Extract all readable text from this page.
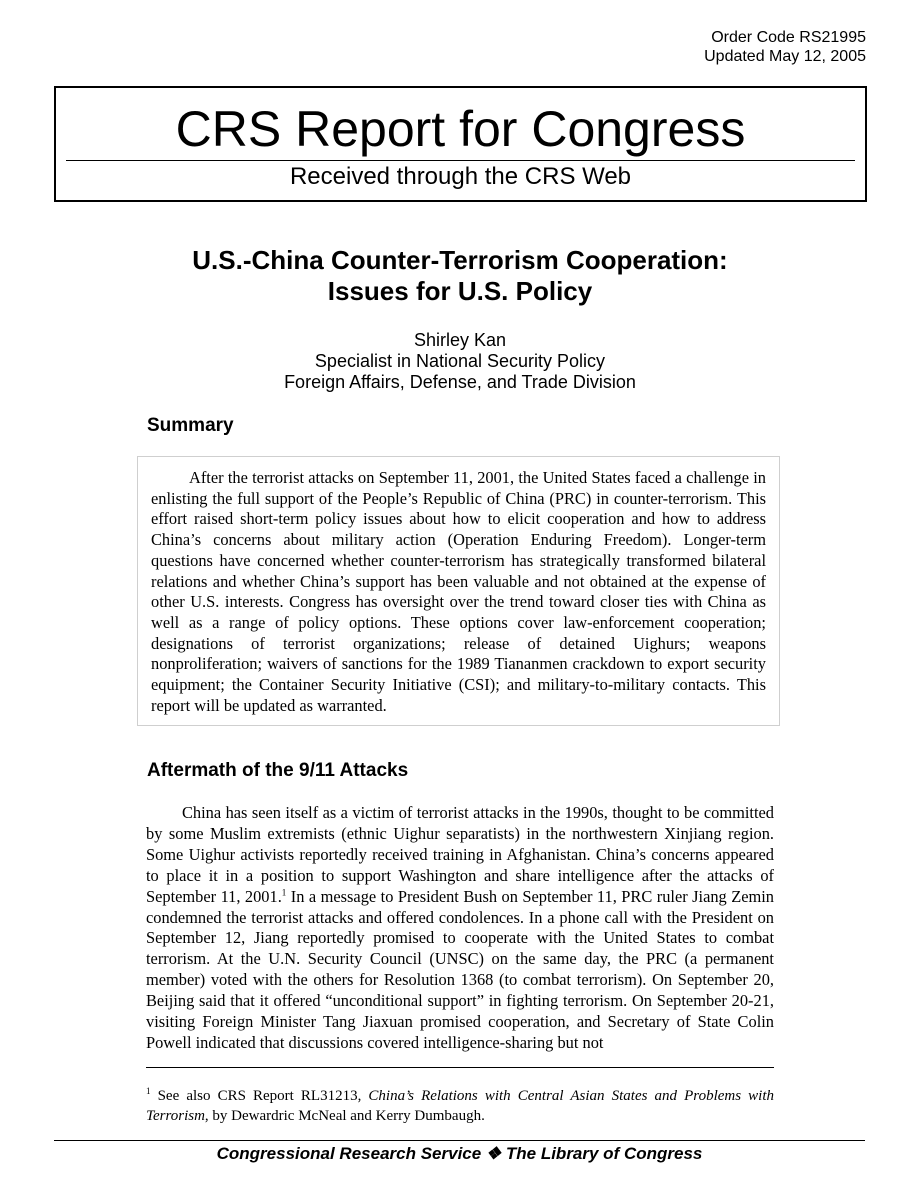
Order Code RS21995
Updated May 12, 2005
CRS Report for Congress
Received through the CRS Web
U.S.-China Counter-Terrorism Cooperation:
Issues for U.S. Policy
Shirley Kan
Specialist in National Security Policy
Foreign Affairs, Defense, and Trade Division
Summary

After the terrorist attacks on September 11, 2001, the United States faced a challenge in enlisting the full support of the People’s Republic of China (PRC) in counter-terrorism. This effort raised short-term policy issues about how to elicit cooperation and how to address China’s concerns about military action (Operation Enduring Freedom). Longer-term questions have concerned whether counter-terrorism has strategically transformed bilateral relations and whether China’s support has been valuable and not obtained at the expense of other U.S. interests. Congress has oversight over the trend toward closer ties with China as well as a range of policy options. These options cover law-enforcement cooperation; designations of terrorist organizations; release of detained Uighurs; weapons nonproliferation; waivers of sanctions for the 1989 Tiananmen crackdown to export security equipment; the Container Security Initiative (CSI); and military-to-military contacts. This report will be updated as warranted.

Aftermath of the 9/11 Attacks

China has seen itself as a victim of terrorist attacks in the 1990s, thought to be committed by some Muslim extremists (ethnic Uighur separatists) in the northwestern Xinjiang region. Some Uighur activists reportedly received training in Afghanistan. China’s concerns appeared to place it in a position to support Washington and share intelligence after the attacks of September 11, 2001.$^1$ In a message to President Bush on September 11, PRC ruler Jiang Zemin condemned the terrorist attacks and offered condolences. In a phone call with the President on September 12, Jiang reportedly promised to cooperate with the United States to combat terrorism. At the U.N. Security Council (UNSC) on the same day, the PRC (a permanent member) voted with the others for Resolution 1368 (to combat terrorism). On September 20, Beijing said that it offered “unconditional support” in fighting terrorism. On September 20-21, visiting Foreign Minister Tang Jiaxuan promised cooperation, and Secretary of State Colin Powell indicated that discussions covered intelligence-sharing but not

$^1$ See also CRS Report RL31213, China’s Relations with Central Asian States and Problems with Terrorism, by Dewardric McNeal and Kerry Dumbaugh.

Congressional Research Service ❖ The Library of Congress
